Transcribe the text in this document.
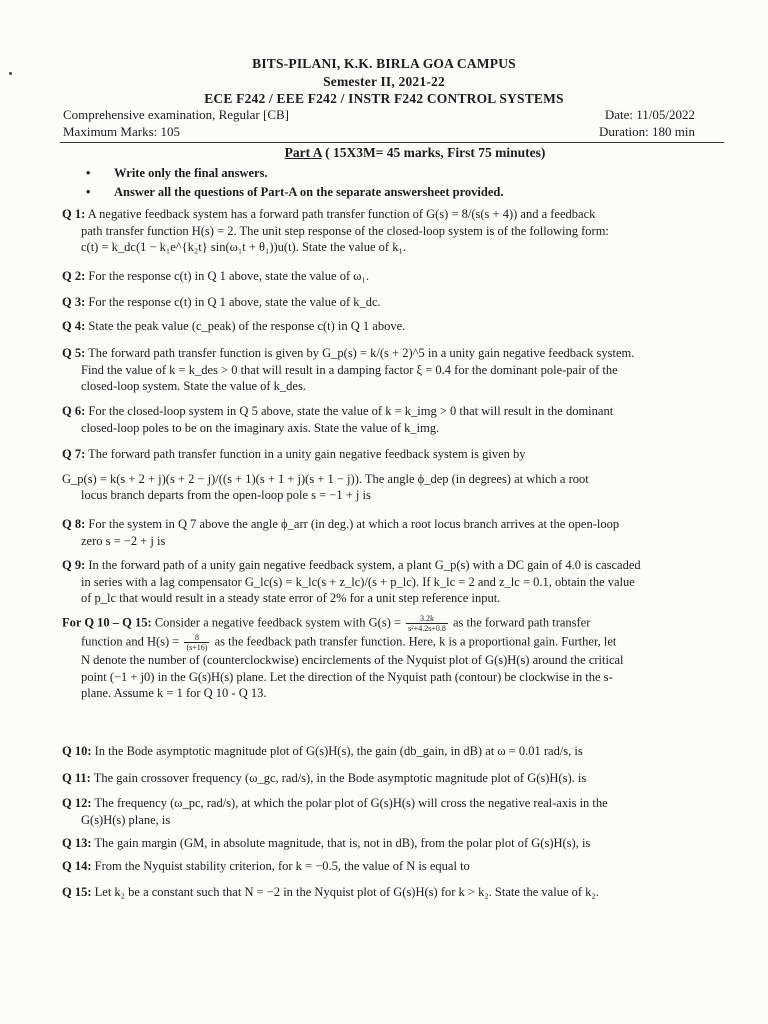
BITS-PILANI, K.K. BIRLA GOA CAMPUS
Semester II, 2021-22
ECE F242 / EEE F242 / INSTR F242 CONTROL SYSTEMS
Comprehensive examination, Regular [CB]	Date: 11/05/2022
Maximum Marks: 105	Duration: 180 min
Part A ( 15X3M= 45 marks, First 75 minutes)
• Write only the final answers.
• Answer all the questions of Part-A on the separate answersheet provided.
Q 1: A negative feedback system has a forward path transfer function of G(s) = 8/(s(s + 4)) and a feedback
path transfer function H(s) = 2. The unit step response of the closed-loop system is of the following form:
c(t) = k_dc(1 − k₁e^{k₂t} sin(ω₁t + θ₁))u(t). State the value of k₁.
Q 2: For the response c(t) in Q 1 above, state the value of ω₁.
Q 3: For the response c(t) in Q 1 above, state the value of k_dc.
Q 4: State the peak value (c_peak) of the response c(t) in Q 1 above.
Q 5: The forward path transfer function is given by G_p(s) = k/(s + 2)^5 in a unity gain negative feedback system.
Find the value of k = k_des > 0 that will result in a damping factor ξ = 0.4 for the dominant pole-pair of the
closed-loop system. State the value of k_des.
Q 6: For the closed-loop system in Q 5 above, state the value of k = k_img > 0 that will result in the dominant
closed-loop poles to be on the imaginary axis. State the value of k_img.
Q 7: The forward path transfer function in a unity gain negative feedback system is given by
G_p(s) = k(s + 2 + j)(s + 2 − j)/((s + 1)(s + 1 + j)(s + 1 − j)). The angle ϕ_dep (in degrees) at which a root
locus branch departs from the open-loop pole s = −1 + j is
Q 8: For the system in Q 7 above the angle ϕ_arr (in deg.) at which a root locus branch arrives at the open-loop
zero s = −2 + j is
Q 9: In the forward path of a unity gain negative feedback system, a plant G_p(s) with a DC gain of 4.0 is cascaded
in series with a lag compensator G_lc(s) = k_lc(s + z_lc)/(s + p_lc). If k_lc = 2 and z_lc = 0.1, obtain the value
of p_lc that would result in a steady state error of 2% for a unit step reference input.
For Q 10 – Q 15: Consider a negative feedback system with $G(s) = \frac{3.2k}{\text{s²+4.2s+0.8}}$ as the forward path transfer
function and $H(s) = \frac{8}{(s+16)}$ as the feedback path transfer function. Here, k is a proportional gain. Further, let
N denote the number of (counterclockwise) encirclements of the Nyquist plot of G(s)H(s) around the critical
point (−1 + j0) in the G(s)H(s) plane. Let the direction of the Nyquist path (contour) be clockwise in the s-
plane. Assume k = 1 for Q 10 - Q 13.
Q 10: In the Bode asymptotic magnitude plot of G(s)H(s), the gain (db_gain, in dB) at ω = 0.01 rad/s, is
Q 11: The gain crossover frequency (ω_gc, rad/s), in the Bode asymptotic magnitude plot of G(s)H(s). is
Q 12: The frequency (ω_pc, rad/s), at which the polar plot of G(s)H(s) will cross the negative real-axis in the
G(s)H(s) plane, is
Q 13: The gain margin (GM, in absolute magnitude, that is, not in dB), from the polar plot of G(s)H(s), is
Q 14: From the Nyquist stability criterion, for k = −0.5, the value of N is equal to
Q 15: Let k₂ be a constant such that N = −2 in the Nyquist plot of G(s)H(s) for k > k₂. State the value of k₂.
